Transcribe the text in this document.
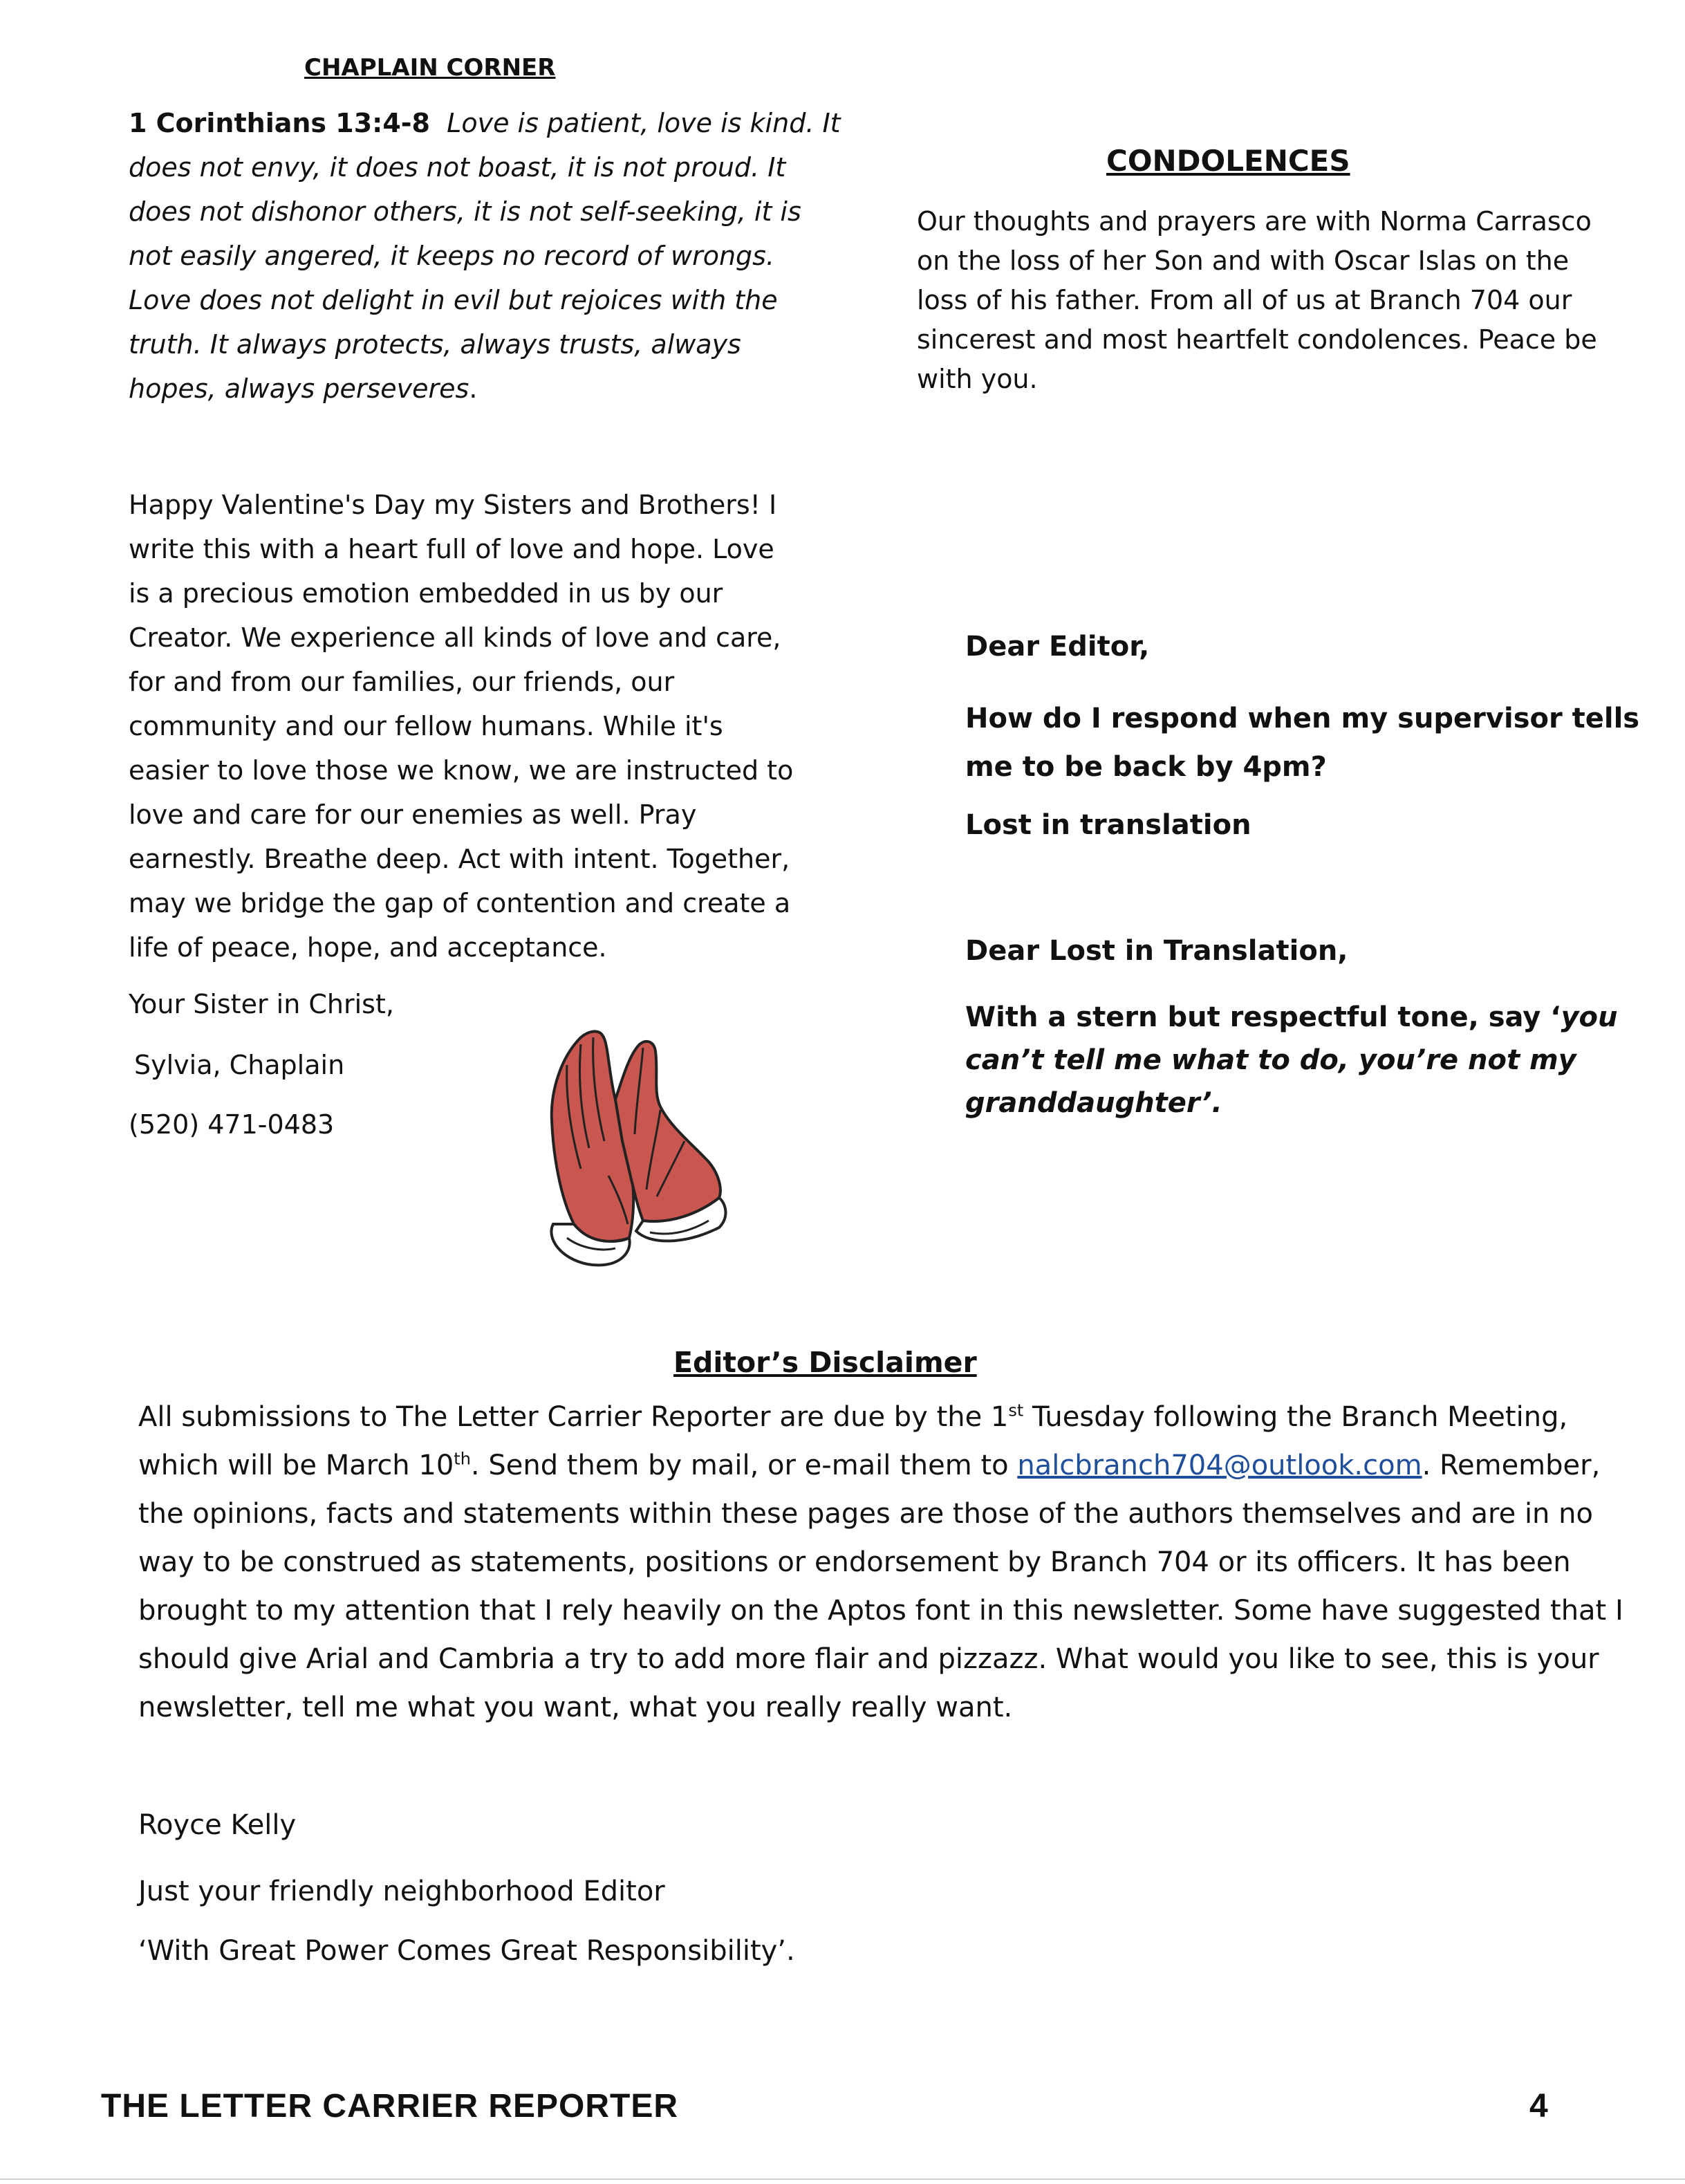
CHAPLAIN CORNER
1 Corinthians 13:4-8 Love is patient, love is kind. It
does not envy, it does not boast, it is not proud. It
does not dishonor others, it is not self-seeking, it is
not easily angered, it keeps no record of wrongs.
Love does not delight in evil but rejoices with the
truth. It always protects, always trusts, always
hopes, always perseveres.
Happy Valentine's Day my Sisters and Brothers! I
write this with a heart full of love and hope. Love
is a precious emotion embedded in us by our
Creator. We experience all kinds of love and care,
for and from our families, our friends, our
community and our fellow humans. While it's
easier to love those we know, we are instructed to
love and care for our enemies as well. Pray
earnestly. Breathe deep. Act with intent. Together,
may we bridge the gap of contention and create a
life of peace, hope, and acceptance.
Your Sister in Christ,
Sylvia, Chaplain
(520) 471-0483
CONDOLENCES
Our thoughts and prayers are with Norma Carrasco
on the loss of her Son and with Oscar Islas on the
loss of his father. From all of us at Branch 704 our
sincerest and most heartfelt condolences. Peace be
with you.
Dear Editor,
How do I respond when my supervisor tells
me to be back by 4pm?
Lost in translation
Dear Lost in Translation,
With a stern but respectful tone, say ‘you
can’t tell me what to do, you’re not my
granddaughter’.
Editor’s Disclaimer
All submissions to The Letter Carrier Reporter are due by the 1st Tuesday following the Branch Meeting,
which will be March 10th. Send them by mail, or e-mail them to nalcbranch704@outlook.com. Remember,
the opinions, facts and statements within these pages are those of the authors themselves and are in no
way to be construed as statements, positions or endorsement by Branch 704 or its officers. It has been
brought to my attention that I rely heavily on the Aptos font in this newsletter. Some have suggested that I
should give Arial and Cambria a try to add more flair and pizzazz. What would you like to see, this is your
newsletter, tell me what you want, what you really really want.
Royce Kelly
Just your friendly neighborhood Editor
‘With Great Power Comes Great Responsibility’.
THE LETTER CARRIER REPORTER	4
